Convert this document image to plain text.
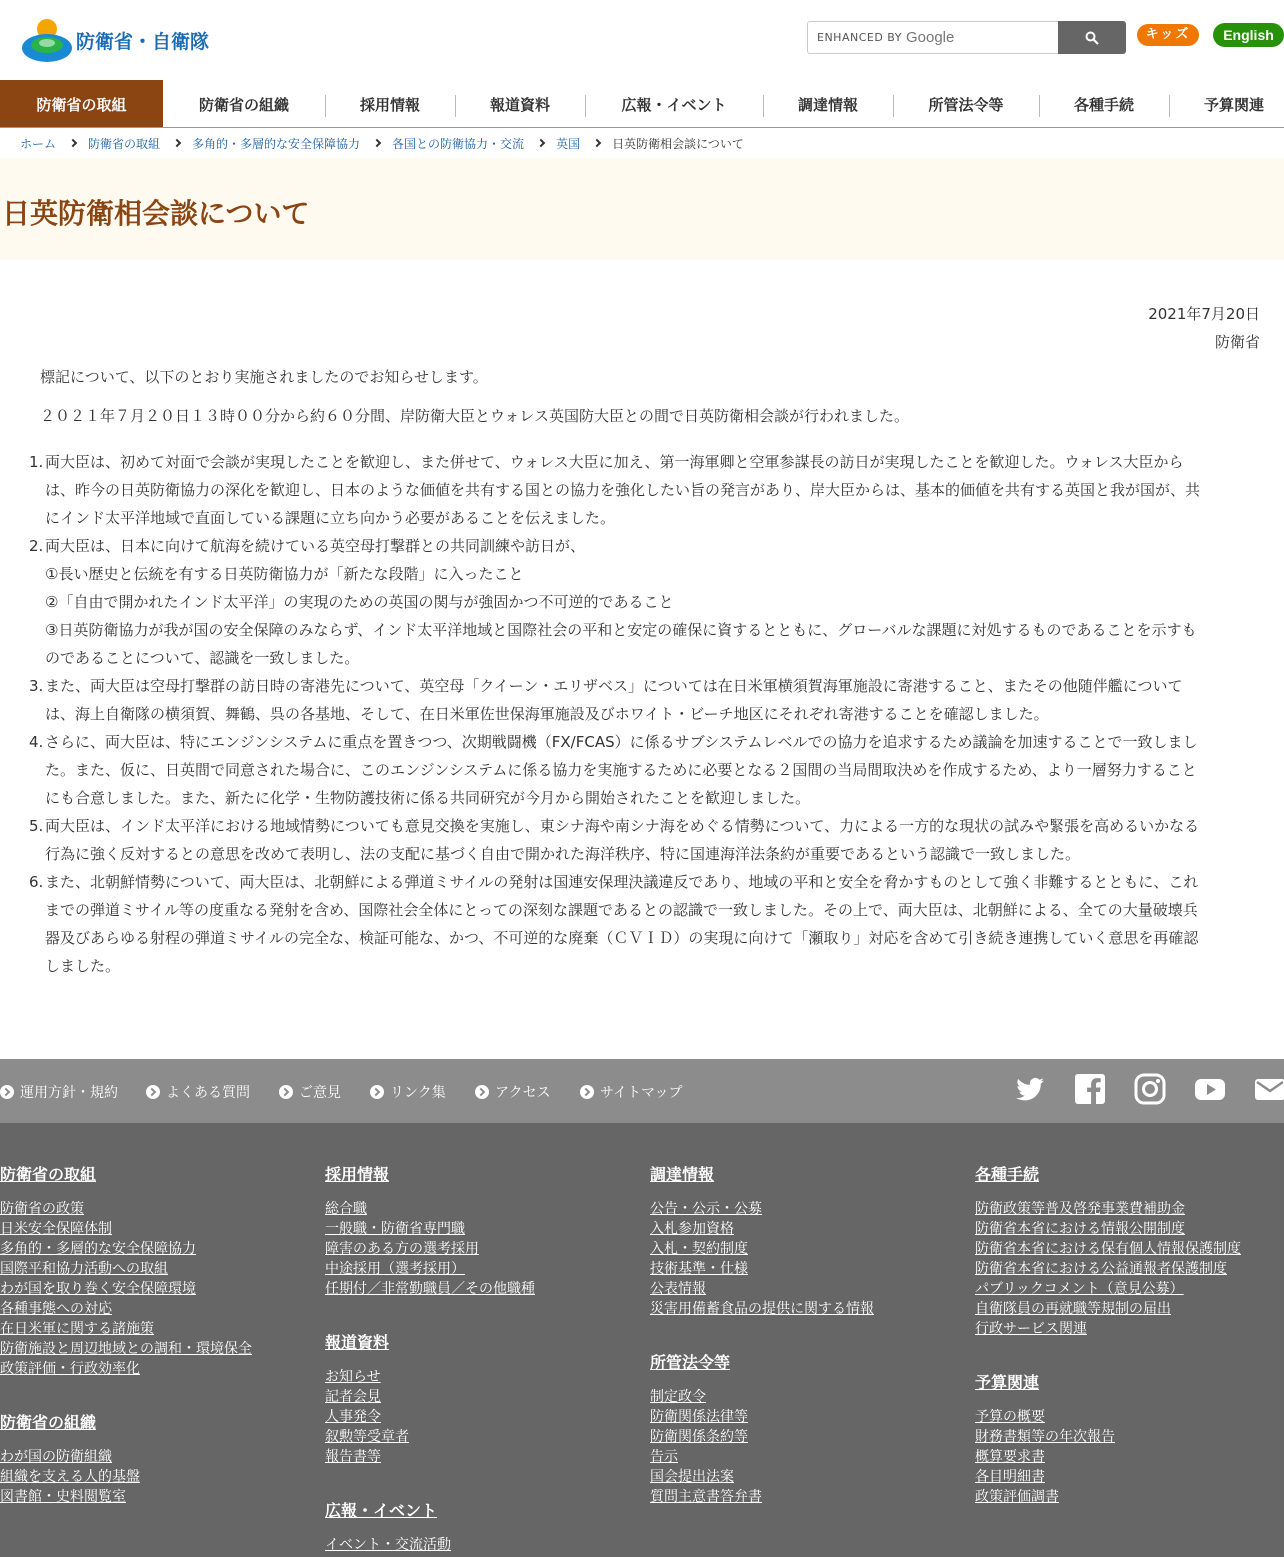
防衛省・自衛隊	ENHANCED BY Google	キッズ	English
防衛省の取組	防衛省の組織	採用情報	報道資料	広報・イベント	調達情報	所管法令等	各種手続	予算関連
ホーム	防衛省の取組	多角的・多層的な安全保障協力	各国との防衛協力・交流	英国	日英防衛相会談について
日英防衛相会談について
2021年7月20日
防衛省

標記について、以下のとおり実施されましたのでお知らせします。

２０２１年７月２０日１３時００分から約６０分間、岸防衛大臣とウォレス英国防大臣との間で日英防衛相会談が行われました。

1. 両大臣は、初めて対面で会談が実現したことを歓迎し、また併せて、ウォレス大臣に加え、第一海軍卿と空軍参謀長の訪日が実現したことを歓迎した。ウォレス大臣から
は、昨今の日英防衛協力の深化を歓迎し、日本のような価値を共有する国との協力を強化したい旨の発言があり、岸大臣からは、基本的価値を共有する英国と我が国が、共
にインド太平洋地域で直面している課題に立ち向かう必要があることを伝えました。
2. 両大臣は、日本に向けて航海を続けている英空母打撃群との共同訓練や訪日が、
①長い歴史と伝統を有する日英防衛協力が「新たな段階」に入ったこと
②「自由で開かれたインド太平洋」の実現のための英国の関与が強固かつ不可逆的であること
③日英防衛協力が我が国の安全保障のみならず、インド太平洋地域と国際社会の平和と安定の確保に資するとともに、グローバルな課題に対処するものであることを示すも
のであることについて、認識を一致しました。
3. また、両大臣は空母打撃群の訪日時の寄港先について、英空母「クイーン・エリザベス」については在日米軍横須賀海軍施設に寄港すること、またその他随伴艦について
は、海上自衛隊の横須賀、舞鶴、呉の各基地、そして、在日米軍佐世保海軍施設及びホワイト・ビーチ地区にそれぞれ寄港することを確認しました。
4. さらに、両大臣は、特にエンジンシステムに重点を置きつつ、次期戦闘機（FX/FCAS）に係るサブシステムレベルでの協力を追求するため議論を加速することで一致しまし
た。また、仮に、日英間で同意された場合に、このエンジンシステムに係る協力を実施するために必要となる２国間の当局間取決めを作成するため、より一層努力すること
にも合意しました。また、新たに化学・生物防護技術に係る共同研究が今月から開始されたことを歓迎しました。
5. 両大臣は、インド太平洋における地域情勢についても意見交換を実施し、東シナ海や南シナ海をめぐる情勢について、力による一方的な現状の試みや緊張を高めるいかなる
行為に強く反対するとの意思を改めて表明し、法の支配に基づく自由で開かれた海洋秩序、特に国連海洋法条約が重要であるという認識で一致しました。
6. また、北朝鮮情勢について、両大臣は、北朝鮮による弾道ミサイルの発射は国連安保理決議違反であり、地域の平和と安全を脅かすものとして強く非難するとともに、これ
までの弾道ミサイル等の度重なる発射を含め、国際社会全体にとっての深刻な課題であるとの認識で一致しました。その上で、両大臣は、北朝鮮による、全ての大量破壊兵
器及びあらゆる射程の弾道ミサイルの完全な、検証可能な、かつ、不可逆的な廃棄（ＣＶＩＤ）の実現に向けて「瀬取り」対応を含めて引き続き連携していく意思を再確認
しました。
運用方針・規約	よくある質問	ご意見	リンク集	アクセス	サイトマップ
防衛省の取組
防衛省の政策
日米安全保障体制
多角的・多層的な安全保障協力
国際平和協力活動への取組
わが国を取り巻く安全保障環境
各種事態への対応
在日米軍に関する諸施策
防衛施設と周辺地域との調和・環境保全
政策評価・行政効率化
防衛省の組織
わが国の防衛組織
組織を支える人的基盤
図書館・史料閲覧室
採用情報
総合職
一般職・防衛省専門職
障害のある方の選考採用
中途採用（選考採用）
任期付／非常勤職員／その他職種
報道資料
お知らせ
記者会見
人事発令
叙勲等受章者
報告書等
広報・イベント
イベント・交流活動
調達情報
公告・公示・公募
入札参加資格
入札・契約制度
技術基準・仕様
公表情報
災害用備蓄食品の提供に関する情報
所管法令等
制定政令
防衛関係法律等
防衛関係条約等
告示
国会提出法案
質問主意書答弁書
各種手続
防衛政策等普及啓発事業費補助金
防衛省本省における情報公開制度
防衛省本省における保有個人情報保護制度
防衛省本省における公益通報者保護制度
パブリックコメント（意見公募）
自衛隊員の再就職等規制の届出
行政サービス関連
予算関連
予算の概要
財務書類等の年次報告
概算要求書
各目明細書
政策評価調書
